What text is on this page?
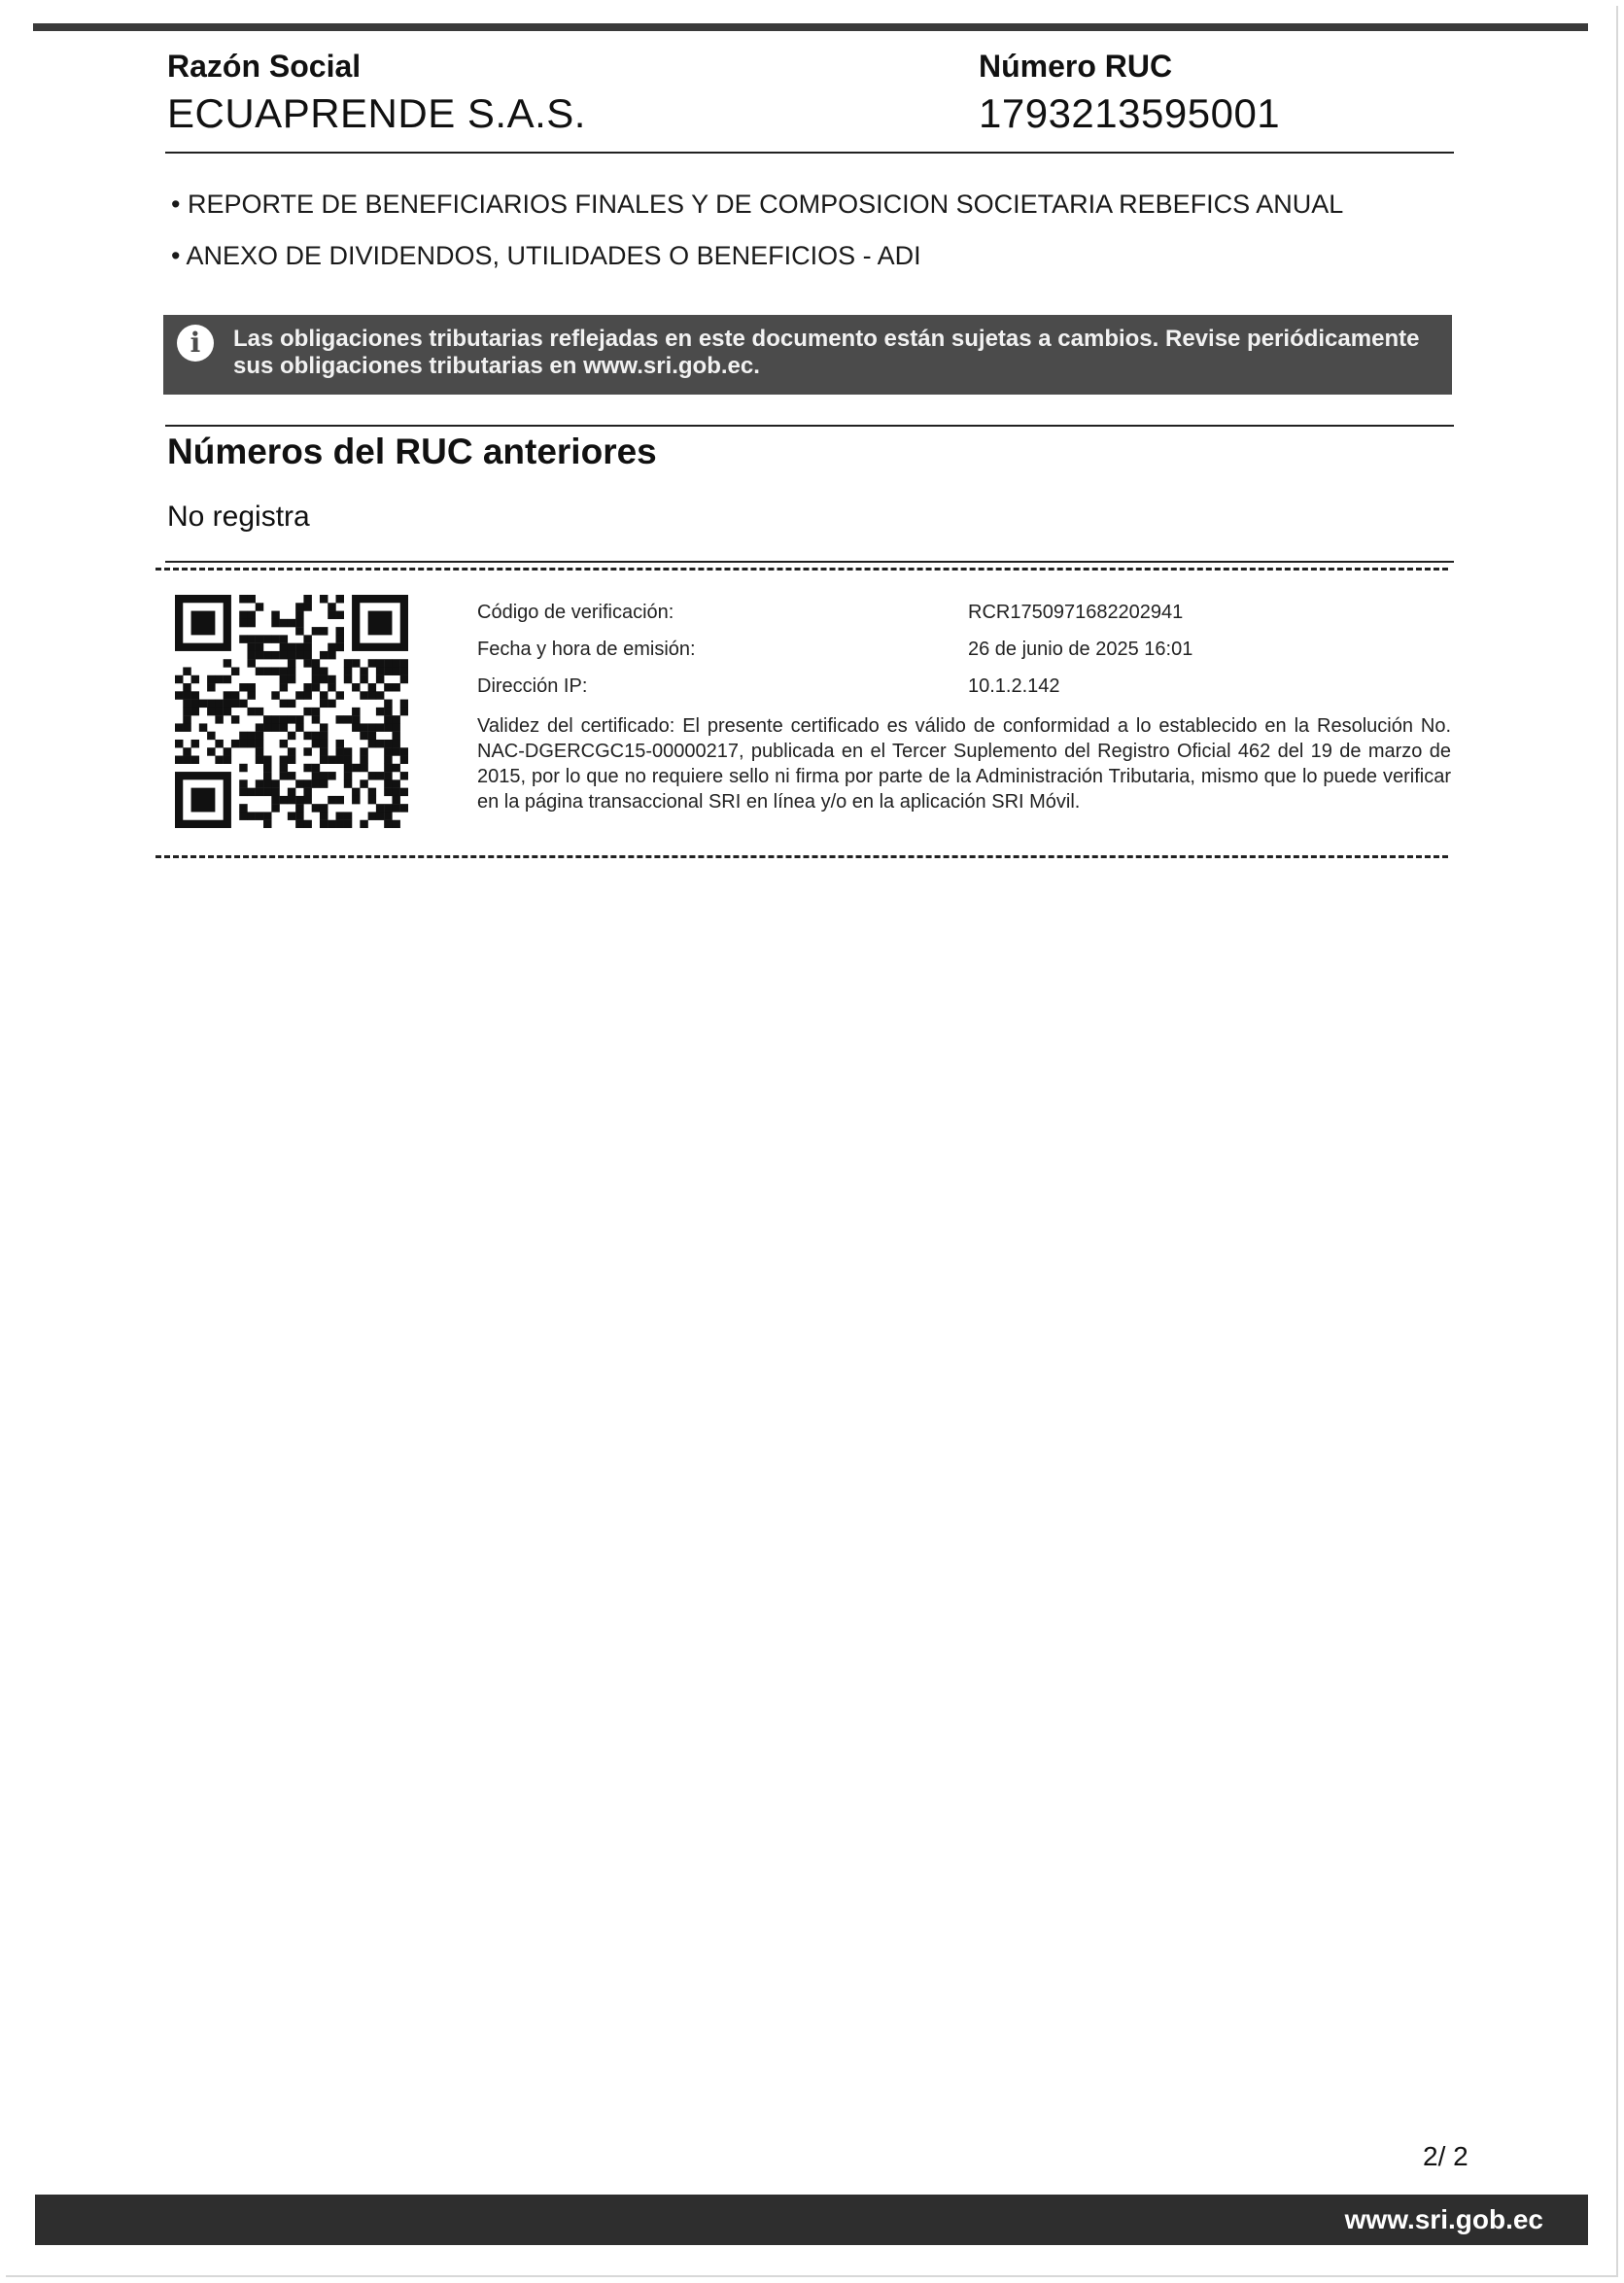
Razón Social
ECUAPRENDE S.A.S.
Número RUC
1793213595001
• REPORTE DE BENEFICIARIOS FINALES Y DE COMPOSICION SOCIETARIA REBEFICS ANUAL
• ANEXO DE DIVIDENDOS, UTILIDADES O BENEFICIOS - ADI
i	Las obligaciones tributarias reflejadas en este documento están sujetas a cambios. Revise periódicamente sus obligaciones tributarias en www.sri.gob.ec.
Números del RUC anteriores
No registra
Código de verificación:	RCR1750971682202941
Fecha y hora de emisión:	26 de junio de 2025 16:01
Dirección IP:	10.1.2.142
Validez del certificado: El presente certificado es válido de conformidad a lo establecido en la Resolución No. NAC-DGERCGC15-00000217, publicada en el Tercer Suplemento del Registro Oficial 462 del 19 de marzo de 2015, por lo que no requiere sello ni firma por parte de la Administración Tributaria, mismo que lo puede verificar en la página transaccional SRI en línea y/o en la aplicación SRI Móvil.
2/ 2
www.sri.gob.ec
